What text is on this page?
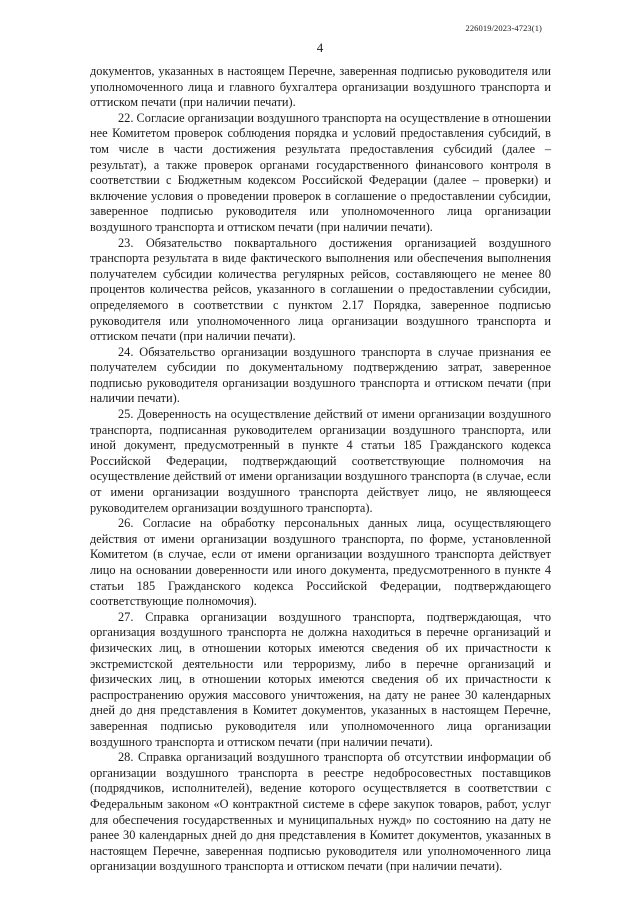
226019/2023-4723(1)
4

документов, указанных в настоящем Перечне, заверенная подписью руководителя или уполномоченного лица и главного бухгалтера организации воздушного транспорта и оттиском печати (при наличии печати).

22. Согласие организации воздушного транспорта на осуществление в отношении нее Комитетом проверок соблюдения порядка и условий предоставления субсидий, в том числе в части достижения результата предоставления субсидий (далее – результат), а также проверок органами государственного финансового контроля в соответствии с Бюджетным кодексом Российской Федерации (далее – проверки) и включение условия о проведении проверок в соглашение о предоставлении субсидии, заверенное подписью руководителя или уполномоченного лица организации воздушного транспорта и оттиском печати (при наличии печати).

23. Обязательство поквартального достижения организацией воздушного транспорта результата в виде фактического выполнения или обеспечения выполнения получателем субсидии количества регулярных рейсов, составляющего не менее 80 процентов количества рейсов, указанного в соглашении о предоставлении субсидии, определяемого в соответствии с пунктом 2.17 Порядка, заверенное подписью руководителя или уполномоченного лица организации воздушного транспорта и оттиском печати (при наличии печати).

24. Обязательство организации воздушного транспорта в случае признания ее получателем субсидии по документальному подтверждению затрат, заверенное подписью руководителя организации воздушного транспорта и оттиском печати (при наличии печати).

25. Доверенность на осуществление действий от имени организации воздушного транспорта, подписанная руководителем организации воздушного транспорта, или иной документ, предусмотренный в пункте 4 статьи 185 Гражданского кодекса Российской Федерации, подтверждающий соответствующие полномочия на осуществление действий от имени организации воздушного транспорта (в случае, если от имени организации воздушного транспорта действует лицо, не являющееся руководителем организации воздушного транспорта).

26. Согласие на обработку персональных данных лица, осуществляющего действия от имени организации воздушного транспорта, по форме, установленной Комитетом (в случае, если от имени организации воздушного транспорта действует лицо на основании доверенности или иного документа, предусмотренного в пункте 4 статьи 185 Гражданского кодекса Российской Федерации, подтверждающего соответствующие полномочия).

27. Справка организации воздушного транспорта, подтверждающая, что организация воздушного транспорта не должна находиться в перечне организаций и физических лиц, в отношении которых имеются сведения об их причастности к экстремистской деятельности или терроризму, либо в перечне организаций и физических лиц, в отношении которых имеются сведения об их причастности к распространению оружия массового уничтожения, на дату не ранее 30 календарных дней до дня представления в Комитет документов, указанных в настоящем Перечне, заверенная подписью руководителя или уполномоченного лица организации воздушного транспорта и оттиском печати (при наличии печати).

28. Справка организаций воздушного транспорта об отсутствии информации об организации воздушного транспорта в реестре недобросовестных поставщиков (подрядчиков, исполнителей), ведение которого осуществляется в соответствии с Федеральным законом «О контрактной системе в сфере закупок товаров, работ, услуг для обеспечения государственных и муниципальных нужд» по состоянию на дату не ранее 30 календарных дней до дня представления в Комитет документов, указанных в настоящем Перечне, заверенная подписью руководителя или уполномоченного лица организации воздушного транспорта и оттиском печати (при наличии печати).
